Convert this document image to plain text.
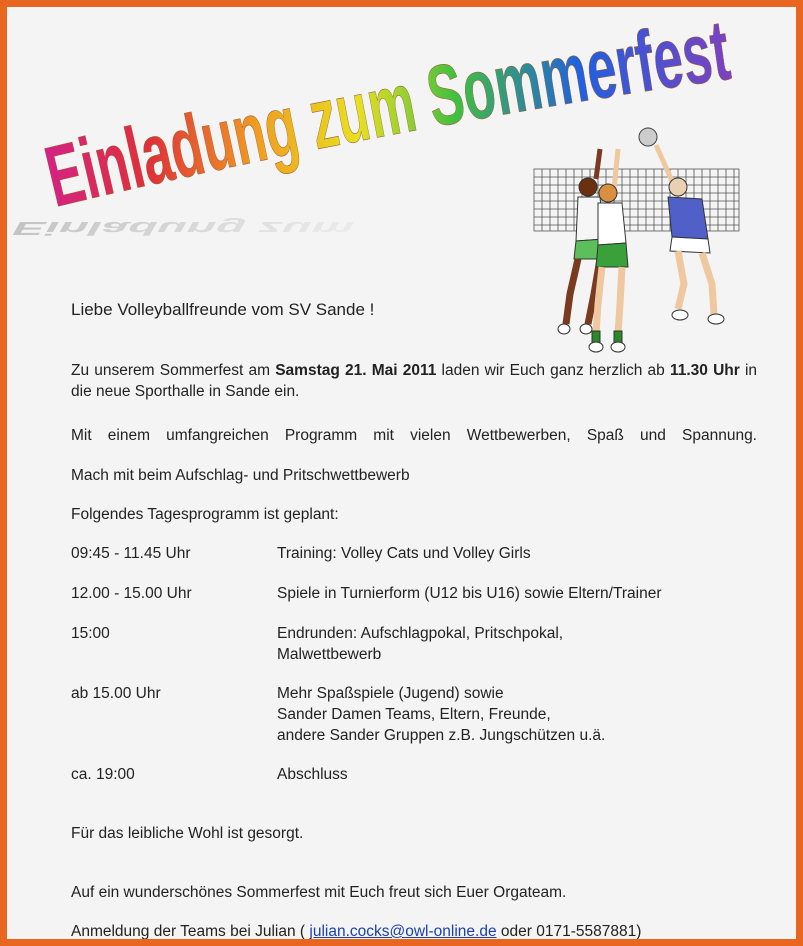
Einladung zum
Einladung zum Sommerfest
Liebe Volleyballfreunde vom SV Sande !
Zu unserem Sommerfest am Samstag 21. Mai 2011 laden wir Euch ganz herzlich ab 11.30 Uhr in die neue Sporthalle in Sande ein.
Mit einem umfangreichen Programm mit vielen Wettbewerben, Spaß und Spannung.
Mach mit beim Aufschlag- und Pritschwettbewerb
Folgendes Tagesprogramm ist geplant:
09:45 - 11.45 Uhr	Training: Volley Cats und Volley Girls
12.00 - 15.00 Uhr	Spiele in Turnierform (U12 bis U16) sowie Eltern/Trainer
15:00	Endrunden: Aufschlagpokal, Pritschpokal,
Malwettbewerb
ab 15.00 Uhr	Mehr Spaßspiele (Jugend) sowie
Sander Damen Teams, Eltern, Freunde,
andere Sander Gruppen z.B. Jungschützen u.ä.
ca. 19:00	Abschluss
Für das leibliche Wohl ist gesorgt.
Auf ein wunderschönes Sommerfest mit Euch freut sich Euer Orgateam.
Anmeldung der Teams bei Julian ( julian.cocks@owl-online.de oder 0171-5587881)
